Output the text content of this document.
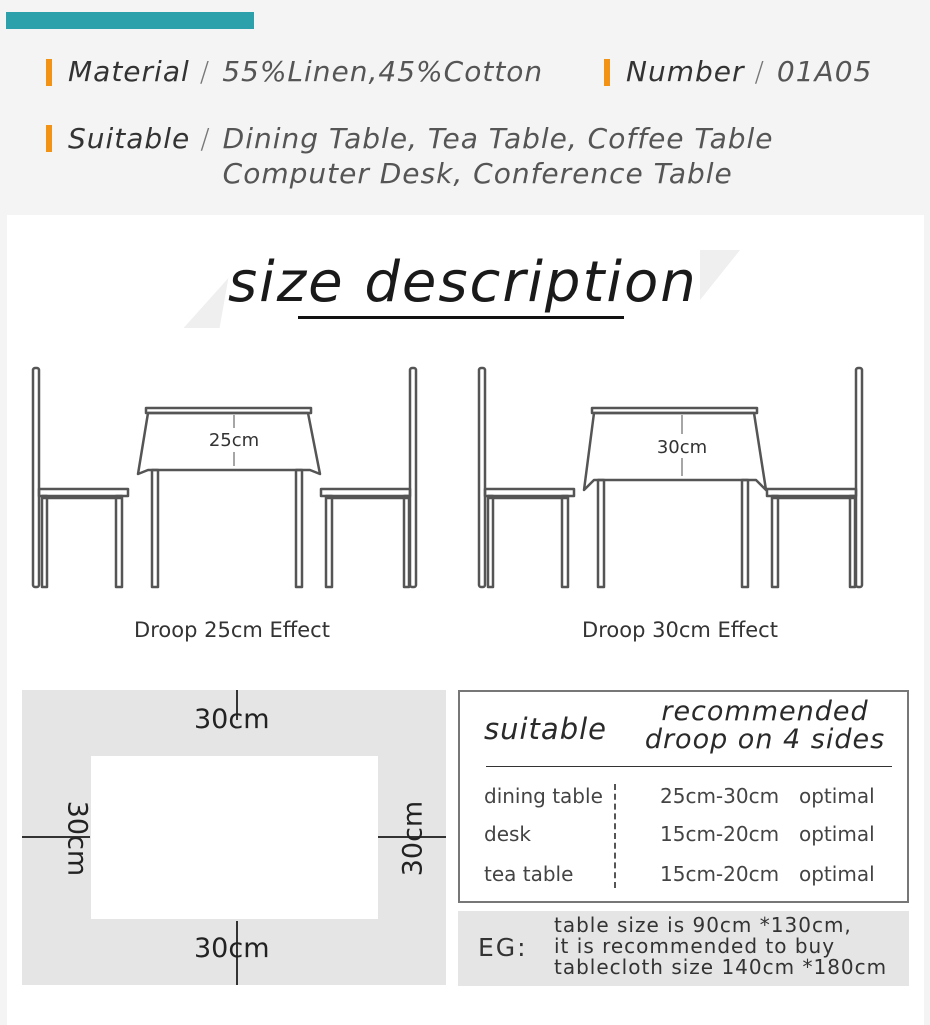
Material / 55%Linen,45%Cotton	Number / 01A05
Suitable / Dining Table, Tea Table, Coffee Table
Computer Desk, Conference Table
size description
25cm	30cm
Droop 25cm Effect	Droop 30cm Effect
30cm
30cm
30cm	30cm
suitable
recommended
droop on 4 sides
dining table	25cm-30cm optimal
desk	15cm-20cm optimal
tea table	15cm-20cm optimal
EG:
table size is 90cm *130cm,
it is recommended to buy
tablecloth size 140cm *180cm
